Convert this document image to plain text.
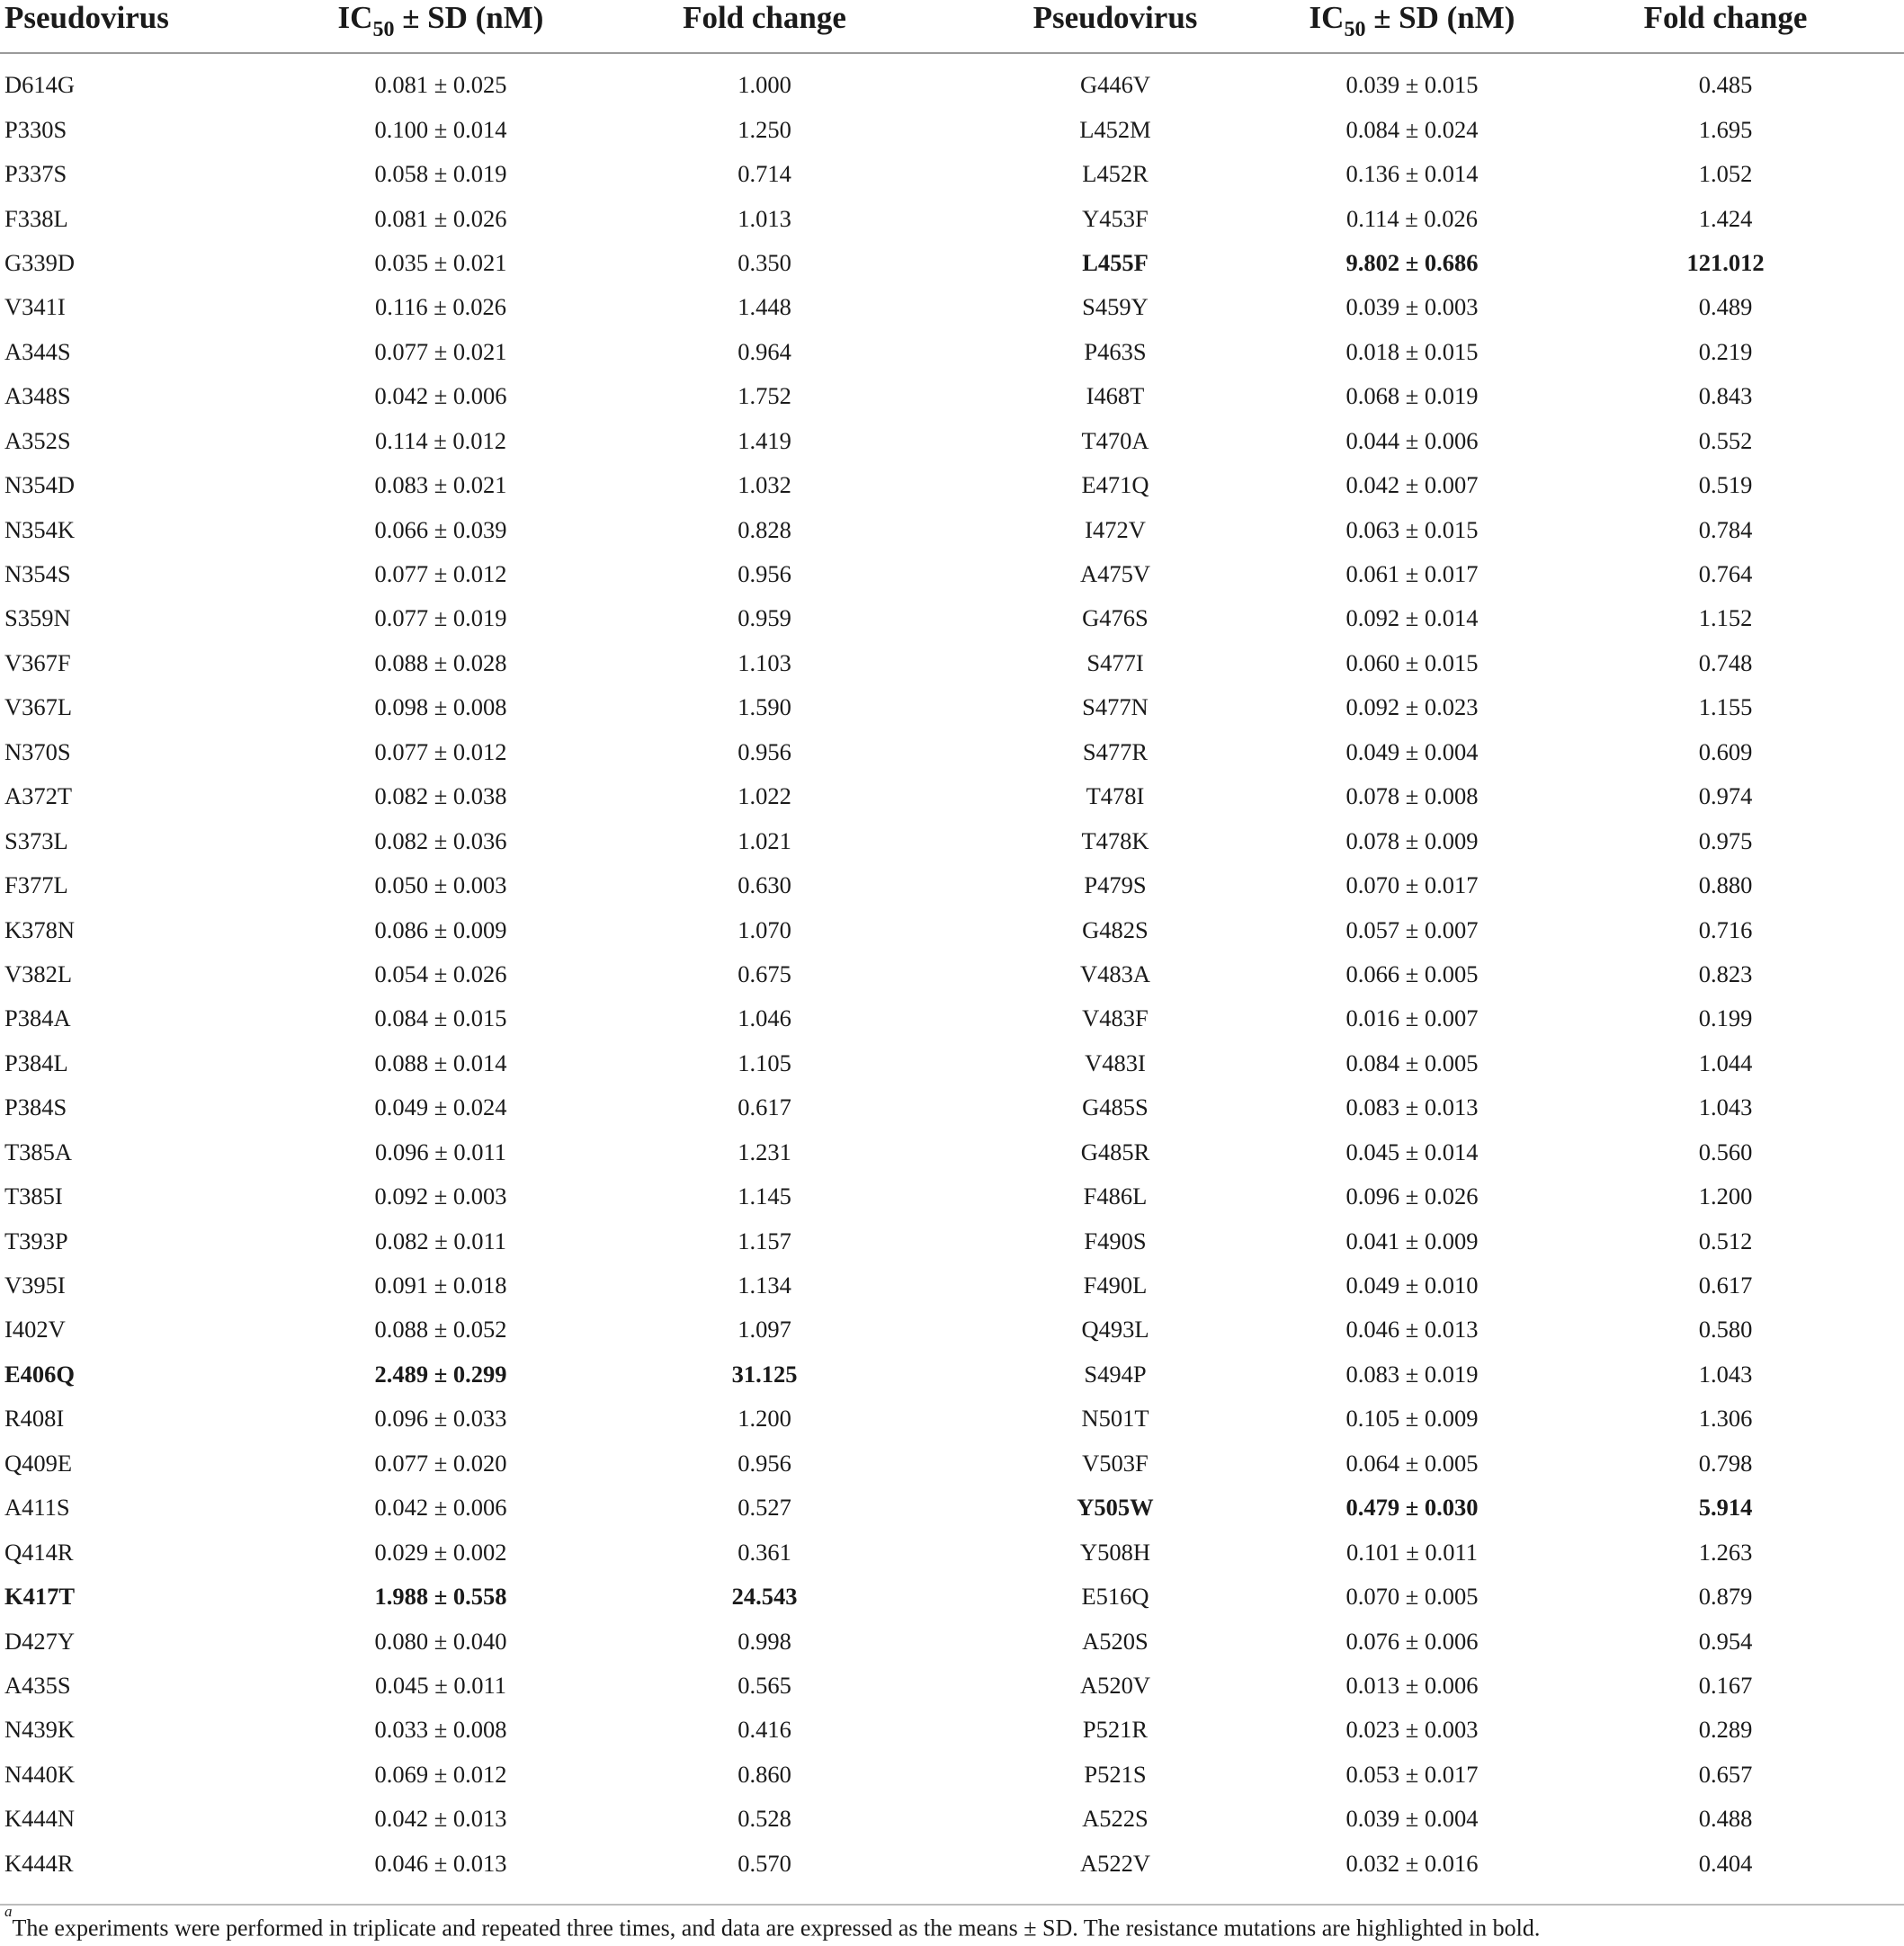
Pseudovirus	$IC_{50}$ ± SD (nM)	Fold change	Pseudovirus	$IC_{50}$ ± SD (nM)	Fold change
D614G	0.081 ± 0.025	1.000	G446V	0.039 ± 0.015	0.485
P330S	0.100 ± 0.014	1.250	L452M	0.084 ± 0.024	1.695
P337S	0.058 ± 0.019	0.714	L452R	0.136 ± 0.014	1.052
F338L	0.081 ± 0.026	1.013	Y453F	0.114 ± 0.026	1.424
G339D	0.035 ± 0.021	0.350	L455F	9.802 ± 0.686	121.012
V341I	0.116 ± 0.026	1.448	S459Y	0.039 ± 0.003	0.489
A344S	0.077 ± 0.021	0.964	P463S	0.018 ± 0.015	0.219
A348S	0.042 ± 0.006	1.752	I468T	0.068 ± 0.019	0.843
A352S	0.114 ± 0.012	1.419	T470A	0.044 ± 0.006	0.552
N354D	0.083 ± 0.021	1.032	E471Q	0.042 ± 0.007	0.519
N354K	0.066 ± 0.039	0.828	I472V	0.063 ± 0.015	0.784
N354S	0.077 ± 0.012	0.956	A475V	0.061 ± 0.017	0.764
S359N	0.077 ± 0.019	0.959	G476S	0.092 ± 0.014	1.152
V367F	0.088 ± 0.028	1.103	S477I	0.060 ± 0.015	0.748
V367L	0.098 ± 0.008	1.590	S477N	0.092 ± 0.023	1.155
N370S	0.077 ± 0.012	0.956	S477R	0.049 ± 0.004	0.609
A372T	0.082 ± 0.038	1.022	T478I	0.078 ± 0.008	0.974
S373L	0.082 ± 0.036	1.021	T478K	0.078 ± 0.009	0.975
F377L	0.050 ± 0.003	0.630	P479S	0.070 ± 0.017	0.880
K378N	0.086 ± 0.009	1.070	G482S	0.057 ± 0.007	0.716
V382L	0.054 ± 0.026	0.675	V483A	0.066 ± 0.005	0.823
P384A	0.084 ± 0.015	1.046	V483F	0.016 ± 0.007	0.199
P384L	0.088 ± 0.014	1.105	V483I	0.084 ± 0.005	1.044
P384S	0.049 ± 0.024	0.617	G485S	0.083 ± 0.013	1.043
T385A	0.096 ± 0.011	1.231	G485R	0.045 ± 0.014	0.560
T385I	0.092 ± 0.003	1.145	F486L	0.096 ± 0.026	1.200
T393P	0.082 ± 0.011	1.157	F490S	0.041 ± 0.009	0.512
V395I	0.091 ± 0.018	1.134	F490L	0.049 ± 0.010	0.617
I402V	0.088 ± 0.052	1.097	Q493L	0.046 ± 0.013	0.580
E406Q	2.489 ± 0.299	31.125	S494P	0.083 ± 0.019	1.043
R408I	0.096 ± 0.033	1.200	N501T	0.105 ± 0.009	1.306
Q409E	0.077 ± 0.020	0.956	V503F	0.064 ± 0.005	0.798
A411S	0.042 ± 0.006	0.527	Y505W	0.479 ± 0.030	5.914
Q414R	0.029 ± 0.002	0.361	Y508H	0.101 ± 0.011	1.263
K417T	1.988 ± 0.558	24.543	E516Q	0.070 ± 0.005	0.879
D427Y	0.080 ± 0.040	0.998	A520S	0.076 ± 0.006	0.954
A435S	0.045 ± 0.011	0.565	A520V	0.013 ± 0.006	0.167
N439K	0.033 ± 0.008	0.416	P521R	0.023 ± 0.003	0.289
N440K	0.069 ± 0.012	0.860	P521S	0.053 ± 0.017	0.657
K444N	0.042 ± 0.013	0.528	A522S	0.039 ± 0.004	0.488
K444R	0.046 ± 0.013	0.570	A522V	0.032 ± 0.016	0.404
$^a$The experiments were performed in triplicate and repeated three times, and data are expressed as the means ± SD. The resistance mutations are highlighted in bold.
